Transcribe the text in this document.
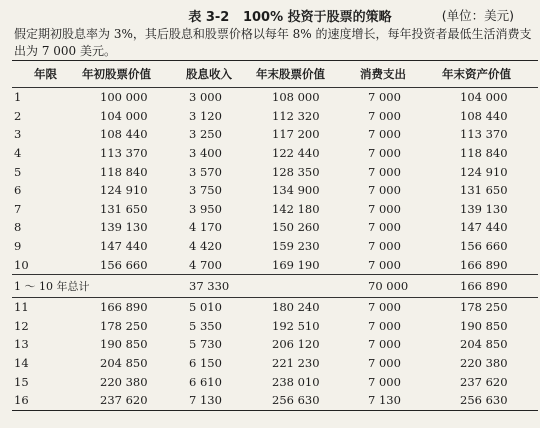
表 3-2 100% 投资于股票的策略	(单位：美元)

假定期初股息率为 3%，其后股息和股票价格以每年 8% 的速度增长，每年投资者最低生活消费支出为 7 000 美元。

年限	年初股票价值	股息收入	年末股票价值	消费支出	年末资产价值
1	100 000	3 000	108 000	7 000	104 000
2	104 000	3 120	112 320	7 000	108 440
3	108 440	3 250	117 200	7 000	113 370
4	113 370	3 400	122 440	7 000	118 840
5	118 840	3 570	128 350	7 000	124 910
6	124 910	3 750	134 900	7 000	131 650
7	131 650	3 950	142 180	7 000	139 130
8	139 130	4 170	150 260	7 000	147 440
9	147 440	4 420	159 230	7 000	156 660
10	156 660	4 700	169 190	7 000	166 890
1 ～ 10 年总计		37 330		70 000	166 890
11	166 890	5 010	180 240	7 000	178 250
12	178 250	5 350	192 510	7 000	190 850
13	190 850	5 730	206 120	7 000	204 850
14	204 850	6 150	221 230	7 000	220 380
15	220 380	6 610	238 010	7 000	237 620
16	237 620	7 130	256 630	7 130	256 630
